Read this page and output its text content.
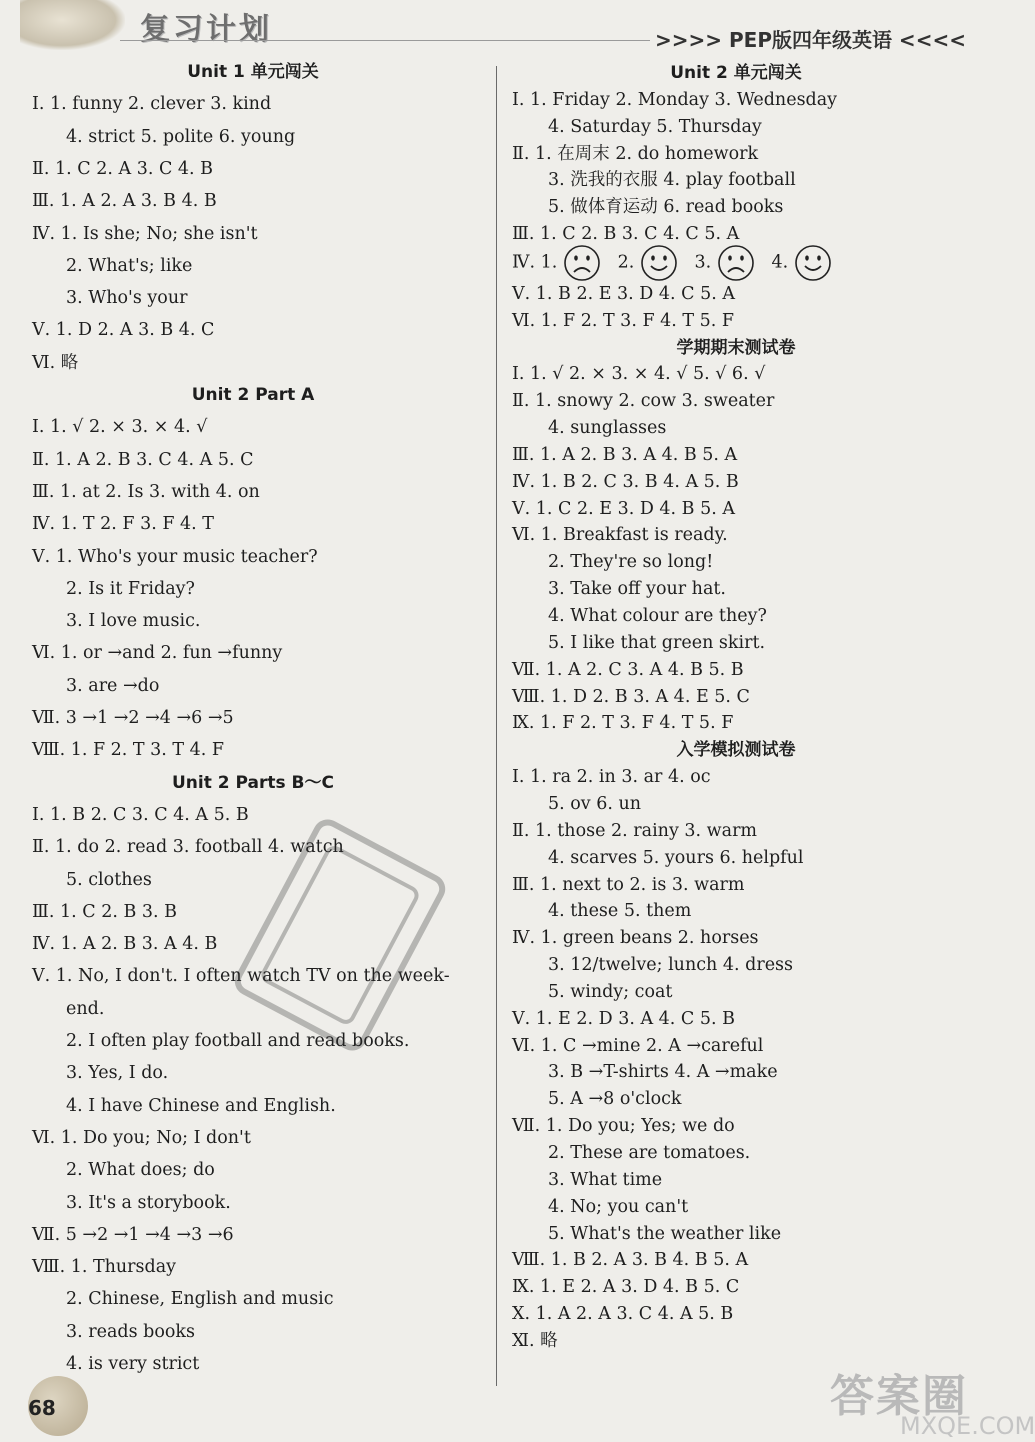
复习计划	>>>> PEP版四年级英语 <<<<
Unit 1 单元闯关
Ⅰ. 1. funny 2. clever 3. kind
4. strict 5. polite 6. young
Ⅱ. 1. C 2. A 3. C 4. B
Ⅲ. 1. A 2. A 3. B 4. B
Ⅳ. 1. Is she; No; she isn't
2. What's; like
3. Who's your
Ⅴ. 1. D 2. A 3. B 4. C
Ⅵ. 略
Unit 2 Part A
Ⅰ. 1. √ 2. × 3. × 4. √
Ⅱ. 1. A 2. B 3. C 4. A 5. C
Ⅲ. 1. at 2. Is 3. with 4. on
Ⅳ. 1. T 2. F 3. F 4. T
Ⅴ. 1. Who's your music teacher?
2. Is it Friday?
3. I love music.
Ⅵ. 1. or →and 2. fun →funny
3. are →do
Ⅶ. 3 →1 →2 →4 →6 →5
Ⅷ. 1. F 2. T 3. T 4. F
Unit 2 Parts B～C
Ⅰ. 1. B 2. C 3. C 4. A 5. B
Ⅱ. 1. do 2. read 3. football 4. watch
5. clothes
Ⅲ. 1. C 2. B 3. B
Ⅳ. 1. A 2. B 3. A 4. B
Ⅴ. 1. No, I don't. I often watch TV on the week-
end.
2. I often play football and read books.
3. Yes, I do.
4. I have Chinese and English.
Ⅵ. 1. Do you; No; I don't
2. What does; do
3. It's a storybook.
Ⅶ. 5 →2 →1 →4 →3 →6
Ⅷ. 1. Thursday
2. Chinese, English and music
3. reads books
4. is very strict
Unit 2 单元闯关
Ⅰ. 1. Friday 2. Monday 3. Wednesday
4. Saturday 5. Thursday
Ⅱ. 1. 在周末 2. do homework
3. 洗我的衣服 4. play football
5. 做体育运动 6. read books
Ⅲ. 1. C 2. B 3. C 4. C 5. A
Ⅳ. 1.    2.    3.    4.
Ⅴ. 1. B 2. E 3. D 4. C 5. A
Ⅵ. 1. F 2. T 3. F 4. T 5. F
学期期末测试卷
Ⅰ. 1. √ 2. × 3. × 4. √ 5. √ 6. √
Ⅱ. 1. snowy 2. cow 3. sweater
4. sunglasses
Ⅲ. 1. A 2. B 3. A 4. B 5. A
Ⅳ. 1. B 2. C 3. B 4. A 5. B
Ⅴ. 1. C 2. E 3. D 4. B 5. A
Ⅵ. 1. Breakfast is ready.
2. They're so long!
3. Take off your hat.
4. What colour are they?
5. I like that green skirt.
Ⅶ. 1. A 2. C 3. A 4. B 5. B
Ⅷ. 1. D 2. B 3. A 4. E 5. C
Ⅸ. 1. F 2. T 3. F 4. T 5. F
入学模拟测试卷
Ⅰ. 1. ra 2. in 3. ar 4. oc
5. ov 6. un
Ⅱ. 1. those 2. rainy 3. warm
4. scarves 5. yours 6. helpful
Ⅲ. 1. next to 2. is 3. warm
4. these 5. them
Ⅳ. 1. green beans 2. horses
3. 12/twelve; lunch 4. dress
5. windy; coat
Ⅴ. 1. E 2. D 3. A 4. C 5. B
Ⅵ. 1. C →mine 2. A →careful
3. B →T-shirts 4. A →make
5. A →8 o'clock
Ⅶ. 1. Do you; Yes; we do
2. These are tomatoes.
3. What time
4. No; you can't
5. What's the weather like
Ⅷ. 1. B 2. A 3. B 4. B 5. A
Ⅸ. 1. E 2. A 3. D 4. B 5. C
Ⅹ. 1. A 2. A 3. C 4. A 5. B
Ⅺ. 略
68	答案圈
MXQE.COM
